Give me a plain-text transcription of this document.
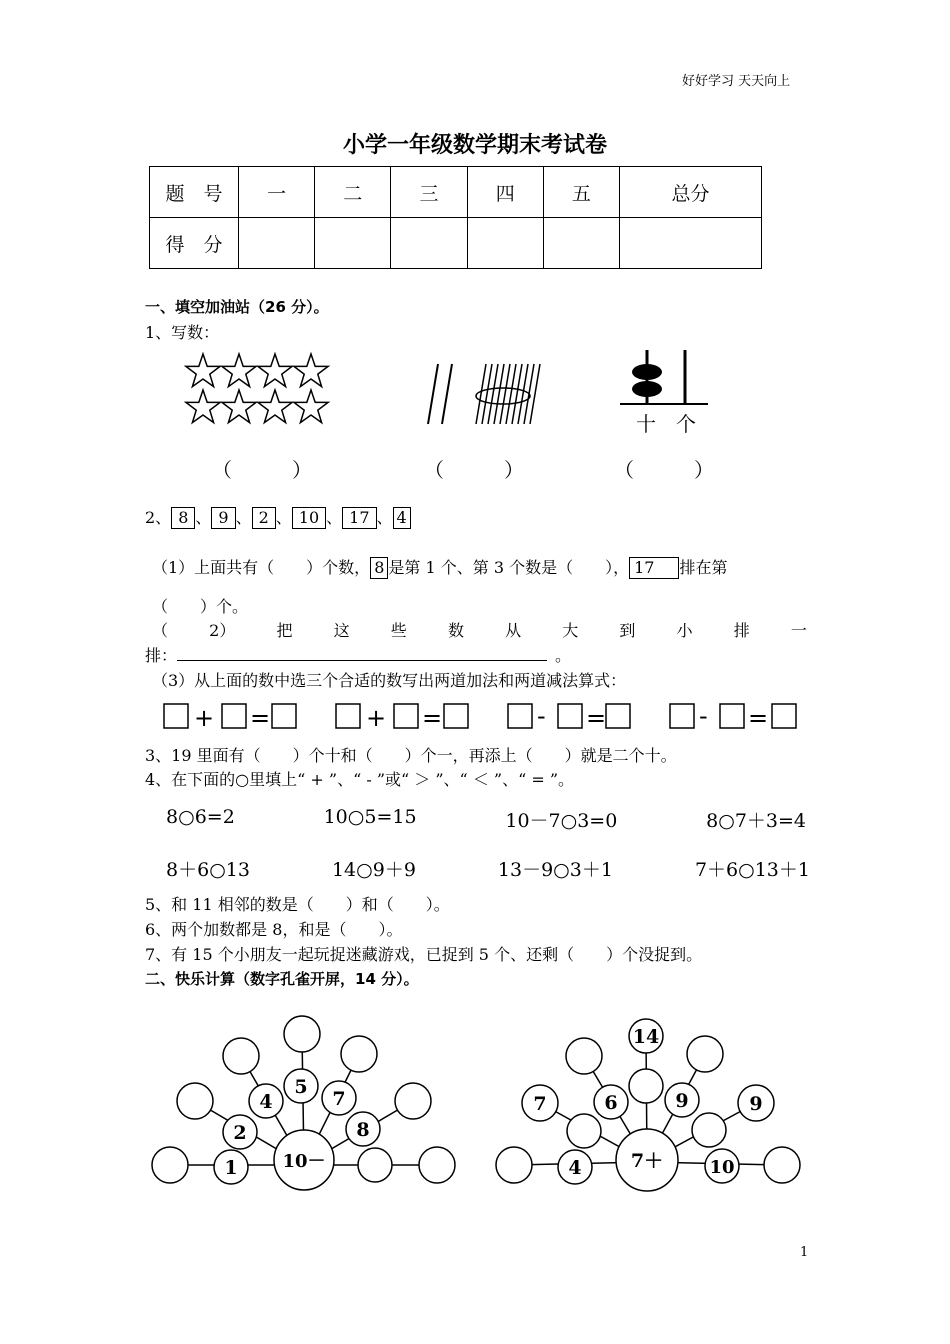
好好学习 天天向上
小学一年级数学期末考试卷
题　号	一	二	三	四	五	总分
得　分						
一、填空加油站（26 分）。
1、写数：
十 个
（　　　）	（　　　）	（　　　）
2、 8 、 9 、 2 、 10 、 17 、 4
（1）上面共有（　　）个数， 8 是第 1 个、第 3 个数是（　　）， 17 排在第
（　　）个。
（	2）	把	这	些	数	从	大	到	小	排	一
排：	。
（3）从上面的数中选三个合适的数写出两道加法和两道减法算式：
+ =	+ =	- =	- =
3、19 里面有（　　）个十和（　　）个一，再添上（　　）就是二个十。
4、在下面的○里填上“ + ”、“ - ”或“ ＞ ”、“ ＜ ”、“ = ”。
8○6=2	10○5=15	10－7○3=0	8○7＋3=4
8＋6○13	14○9＋9	13－9○3＋1	7＋6○13＋1
5、和 11 相邻的数是（　　）和（　　）。
6、两个加数都是 8，和是（　　）。
7、有 15 个小朋友一起玩捉迷藏游戏，已捉到 5 个、还剩（　　）个没捉到。
二、快乐计算（数字孔雀开屏，14 分）。
1
2
4
5
7
8
10－	4
7	6
14
9	9
10
7＋
1
